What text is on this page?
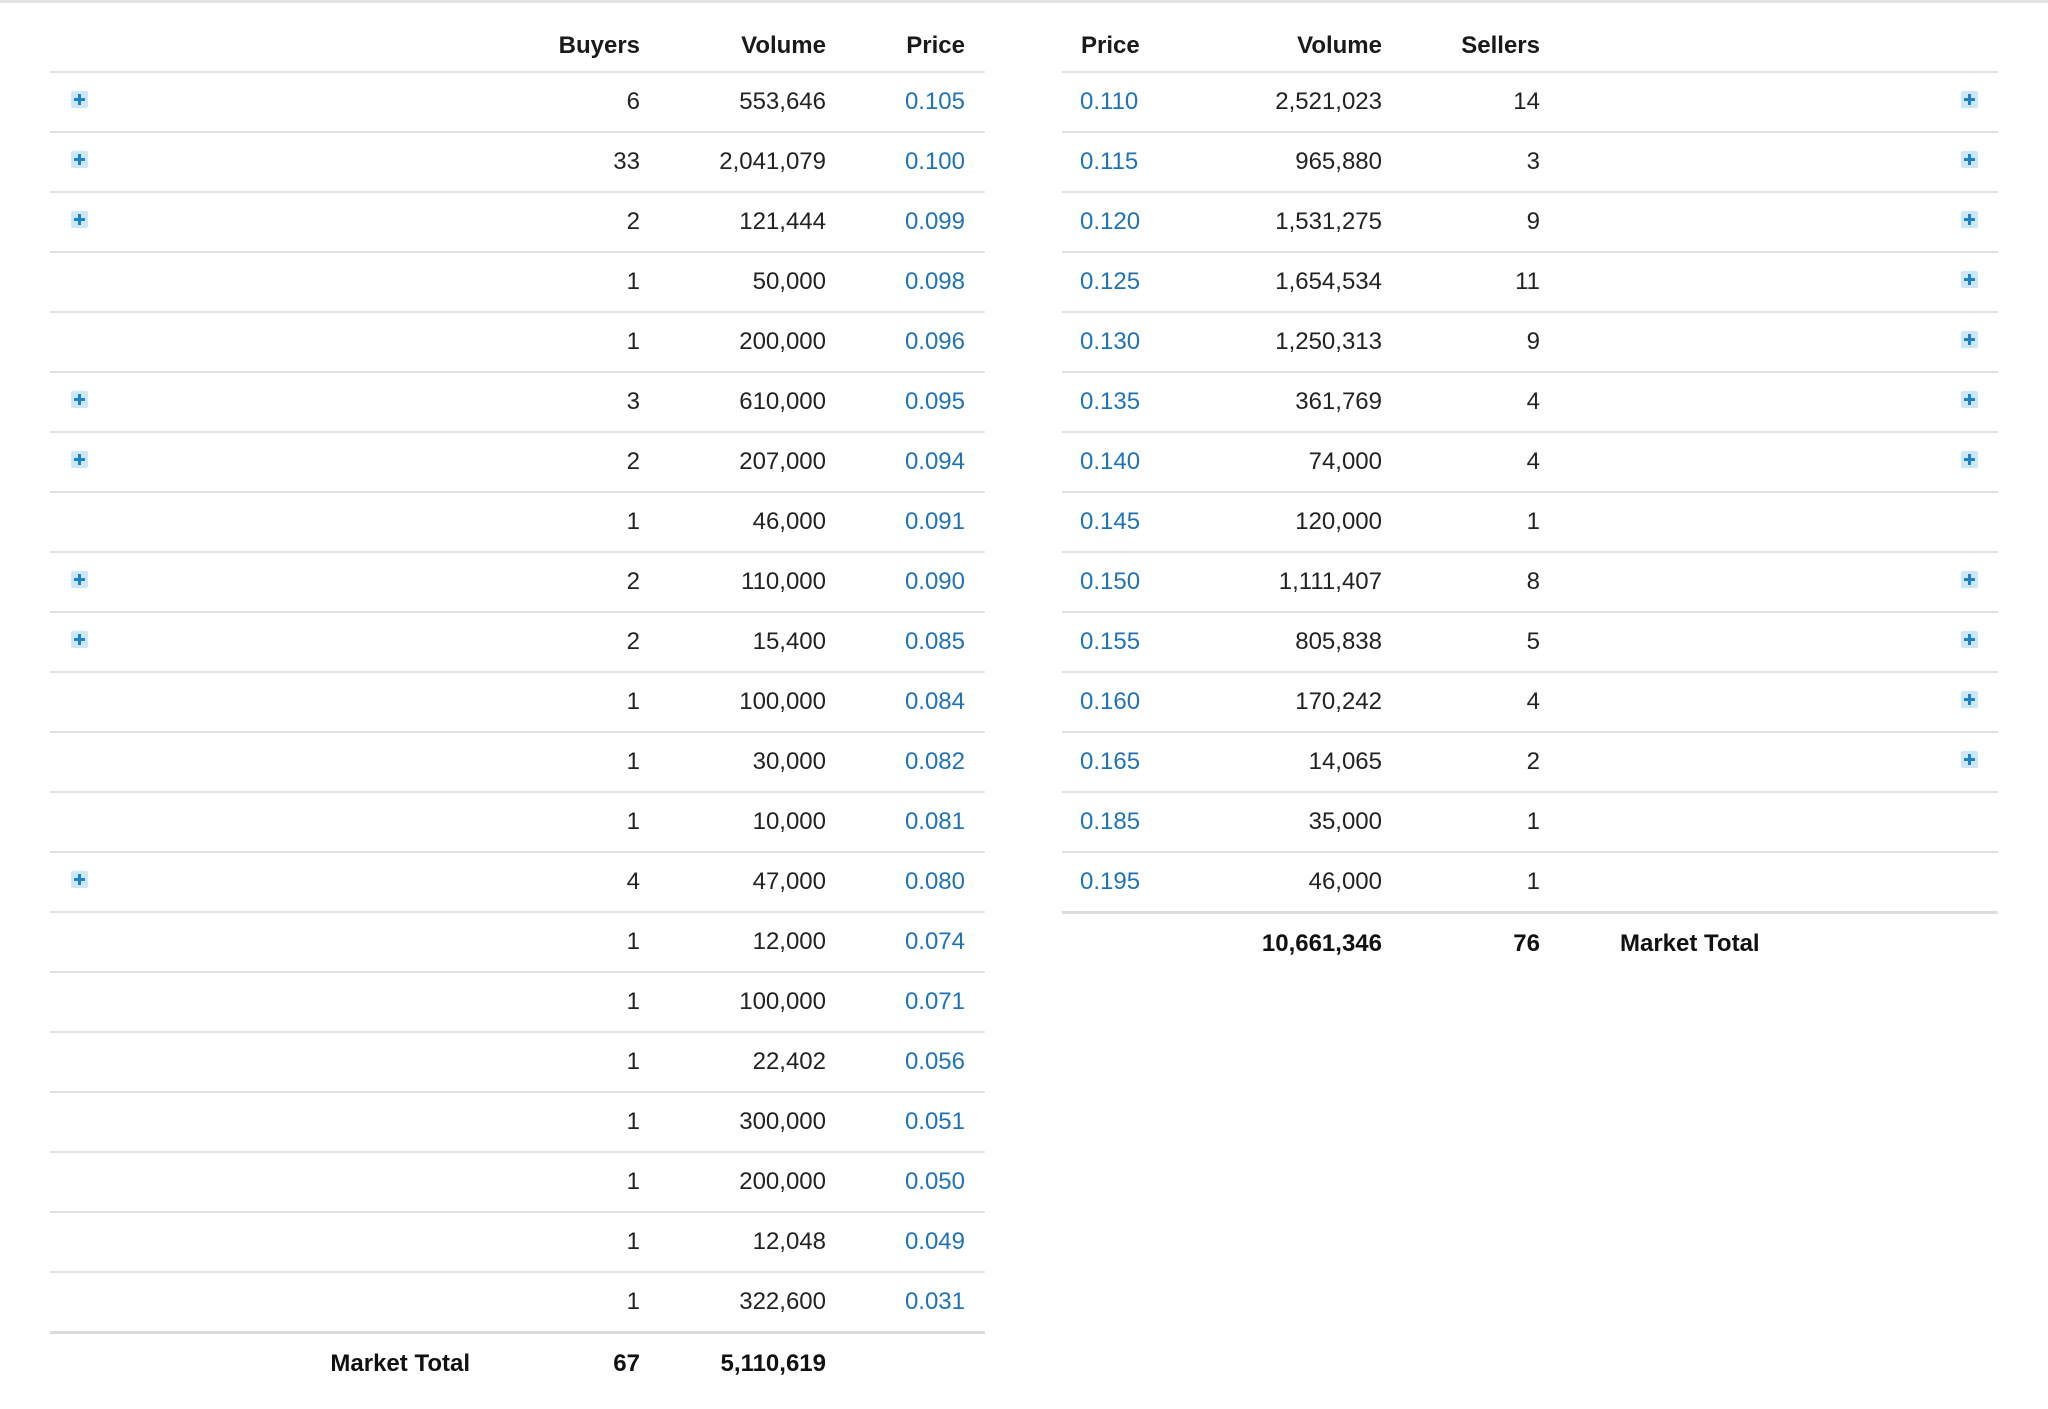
	Buyers	Volume	Price
	6	553,646	0.105
	33	2,041,079	0.100
	2	121,444	0.099
	1	50,000	0.098
	1	200,000	0.096
	3	610,000	0.095
	2	207,000	0.094
	1	46,000	0.091
	2	110,000	0.090
	2	15,400	0.085
	1	100,000	0.084
	1	30,000	0.082
	1	10,000	0.081
	4	47,000	0.080
	1	12,000	0.074
	1	100,000	0.071
	1	22,402	0.056
	1	300,000	0.051
	1	200,000	0.050
	1	12,048	0.049
	1	322,600	0.031
Market Total	67	5,110,619	
Price	Volume	Sellers	
0.110	2,521,023	14	
0.115	965,880	3	
0.120	1,531,275	9	
0.125	1,654,534	11	
0.130	1,250,313	9	
0.135	361,769	4	
0.140	74,000	4	
0.145	120,000	1	
0.150	1,111,407	8	
0.155	805,838	5	
0.160	170,242	4	
0.165	14,065	2	
0.185	35,000	1	
0.195	46,000	1	
	10,661,346	76	Market Total
